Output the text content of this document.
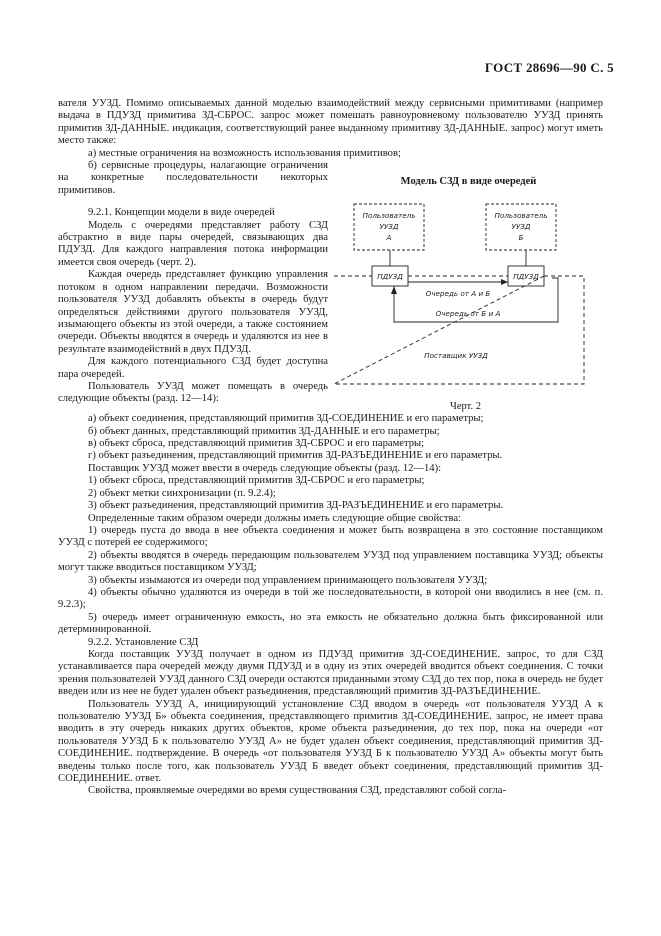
ГОСТ 28696—90 С. 5

вателя УУЗД. Помимо описываемых данной моделью взаимодействий между сервисными примитивами (например выдача в ПДУЗД примитива ЗД-СБРОС. запрос может помешать равноуровневому пользователю УУЗД принять примитив ЗД-ДАННЫЕ. индикация, соответствующий ранее выданному примитиву ЗД-ДАННЫЕ. запрос) могут иметь место также:

а) местные ограничения на возможность использования примитивов;

б) сервисные процедуры, налагающие ограничения на конкретные последовательности некоторых примитивов.

9.2.1. Концепции модели в виде очередей

Модель с очередями представляет работу СЗД абстрактно в виде пары очередей, связывающих два ПДУЗД. Для каждого направления потока информации имеется своя очередь (черт. 2).

Каждая очередь представляет функцию управления потоком в одном направлении передачи. Возможности пользователя УУЗД добавлять объекты в очередь будут определяться действиями другого пользователя УУЗД, изымающего объекты из этой очереди, а также состоянием очереди. Объекты вводятся в очередь и удаляются из нее в результате взаимодействий в двух ПДУЗД.

Для каждого потенциального СЗД будет доступна пара очередей.

Пользователь УУЗД может помещать в очередь следующие объекты (разд. 12—14):

Модель СЗД в виде очередей
Пользователь
УУЗД
А
Пользователь
УУЗД
Б
ПДУЗД	ПДУЗД
Очередь от А и Б
Очередь от Б и А
Поставщик УУЗД
Черт. 2

а) объект соединения, представляющий примитив ЗД-СОЕДИНЕНИЕ и его параметры;

б) объект данных, представляющий примитив ЗД-ДАННЫЕ и его параметры;

в) объект сброса, представляющий примитив ЗД-СБРОС и его параметры;

г) объект разъединения, представляющий примитив ЗД-РАЗЪЕДИНЕНИЕ и его параметры.

Поставщик УУЗД может ввести в очередь следующие объекты (разд. 12—14):

1) объект сброса, представляющий примитив ЗД-СБРОС и его параметры;

2) объект метки синхронизации (п. 9.2.4);

3) объект разъединения, представляющий примитив ЗД-РАЗЪЕДИНЕНИЕ и его параметры.

Определенные таким образом очереди должны иметь следующие общие свойства:

1) очередь пуста до ввода в нее объекта соединения и может быть возвращена в это состояние поставщиком УУЗД с потерей ее содержимого;

2) объекты вводятся в очередь передающим пользователем УУЗД под управлением поставщика УУЗД; объекты могут также вводиться поставщиком УУЗД;

3) объекты изымаются из очереди под управлением принимающего пользователя УУЗД;

4) объекты обычно удаляются из очереди в той же последовательности, в которой они вводились в нее (см. п. 9.2.3);

5) очередь имеет ограниченную емкость, но эта емкость не обязательно должна быть фиксированной или детерминированной.

9.2.2. Установление СЗД

Когда поставщик УУЗД получает в одном из ПДУЗД примитив ЗД-СОЕДИНЕНИЕ. запрос, то для СЗД устанавливается пара очередей между двумя ПДУЗД и в одну из этих очередей вводится объект соединения. С точки зрения пользователей УУЗД данного СЗД очереди остаются приданными этому СЗД до тех пор, пока в очередь не будет введен или из нее не будет удален объект разъединения, представляющий примитив ЗД-РАЗЪЕДИНЕНИЕ.

Пользователь УУЗД А, инициирующий установление СЗД вводом в очередь «от пользователя УУЗД А к пользователю УУЗД Б» объекта соединения, представляющего примитив ЗД-СОЕДИНЕНИЕ. запрос, не имеет права вводить в эту очередь никаких других объектов, кроме объекта разъединения, до тех пор, пока на очереди «от пользователя УУЗД Б к пользователю УУЗД А» не будет удален объект соединения, представляющий примитив ЗД-СОЕДИНЕНИЕ. подтверждение. В очередь «от пользователя УУЗД Б к пользователю УУЗД А» объекты могут быть введены только после того, как пользователь УУЗД Б введет объект соединения, представляющий примитив ЗД-СОЕДИНЕНИЕ. ответ.

Свойства, проявляемые очередями во время существования СЗД, представляют собой согла-
